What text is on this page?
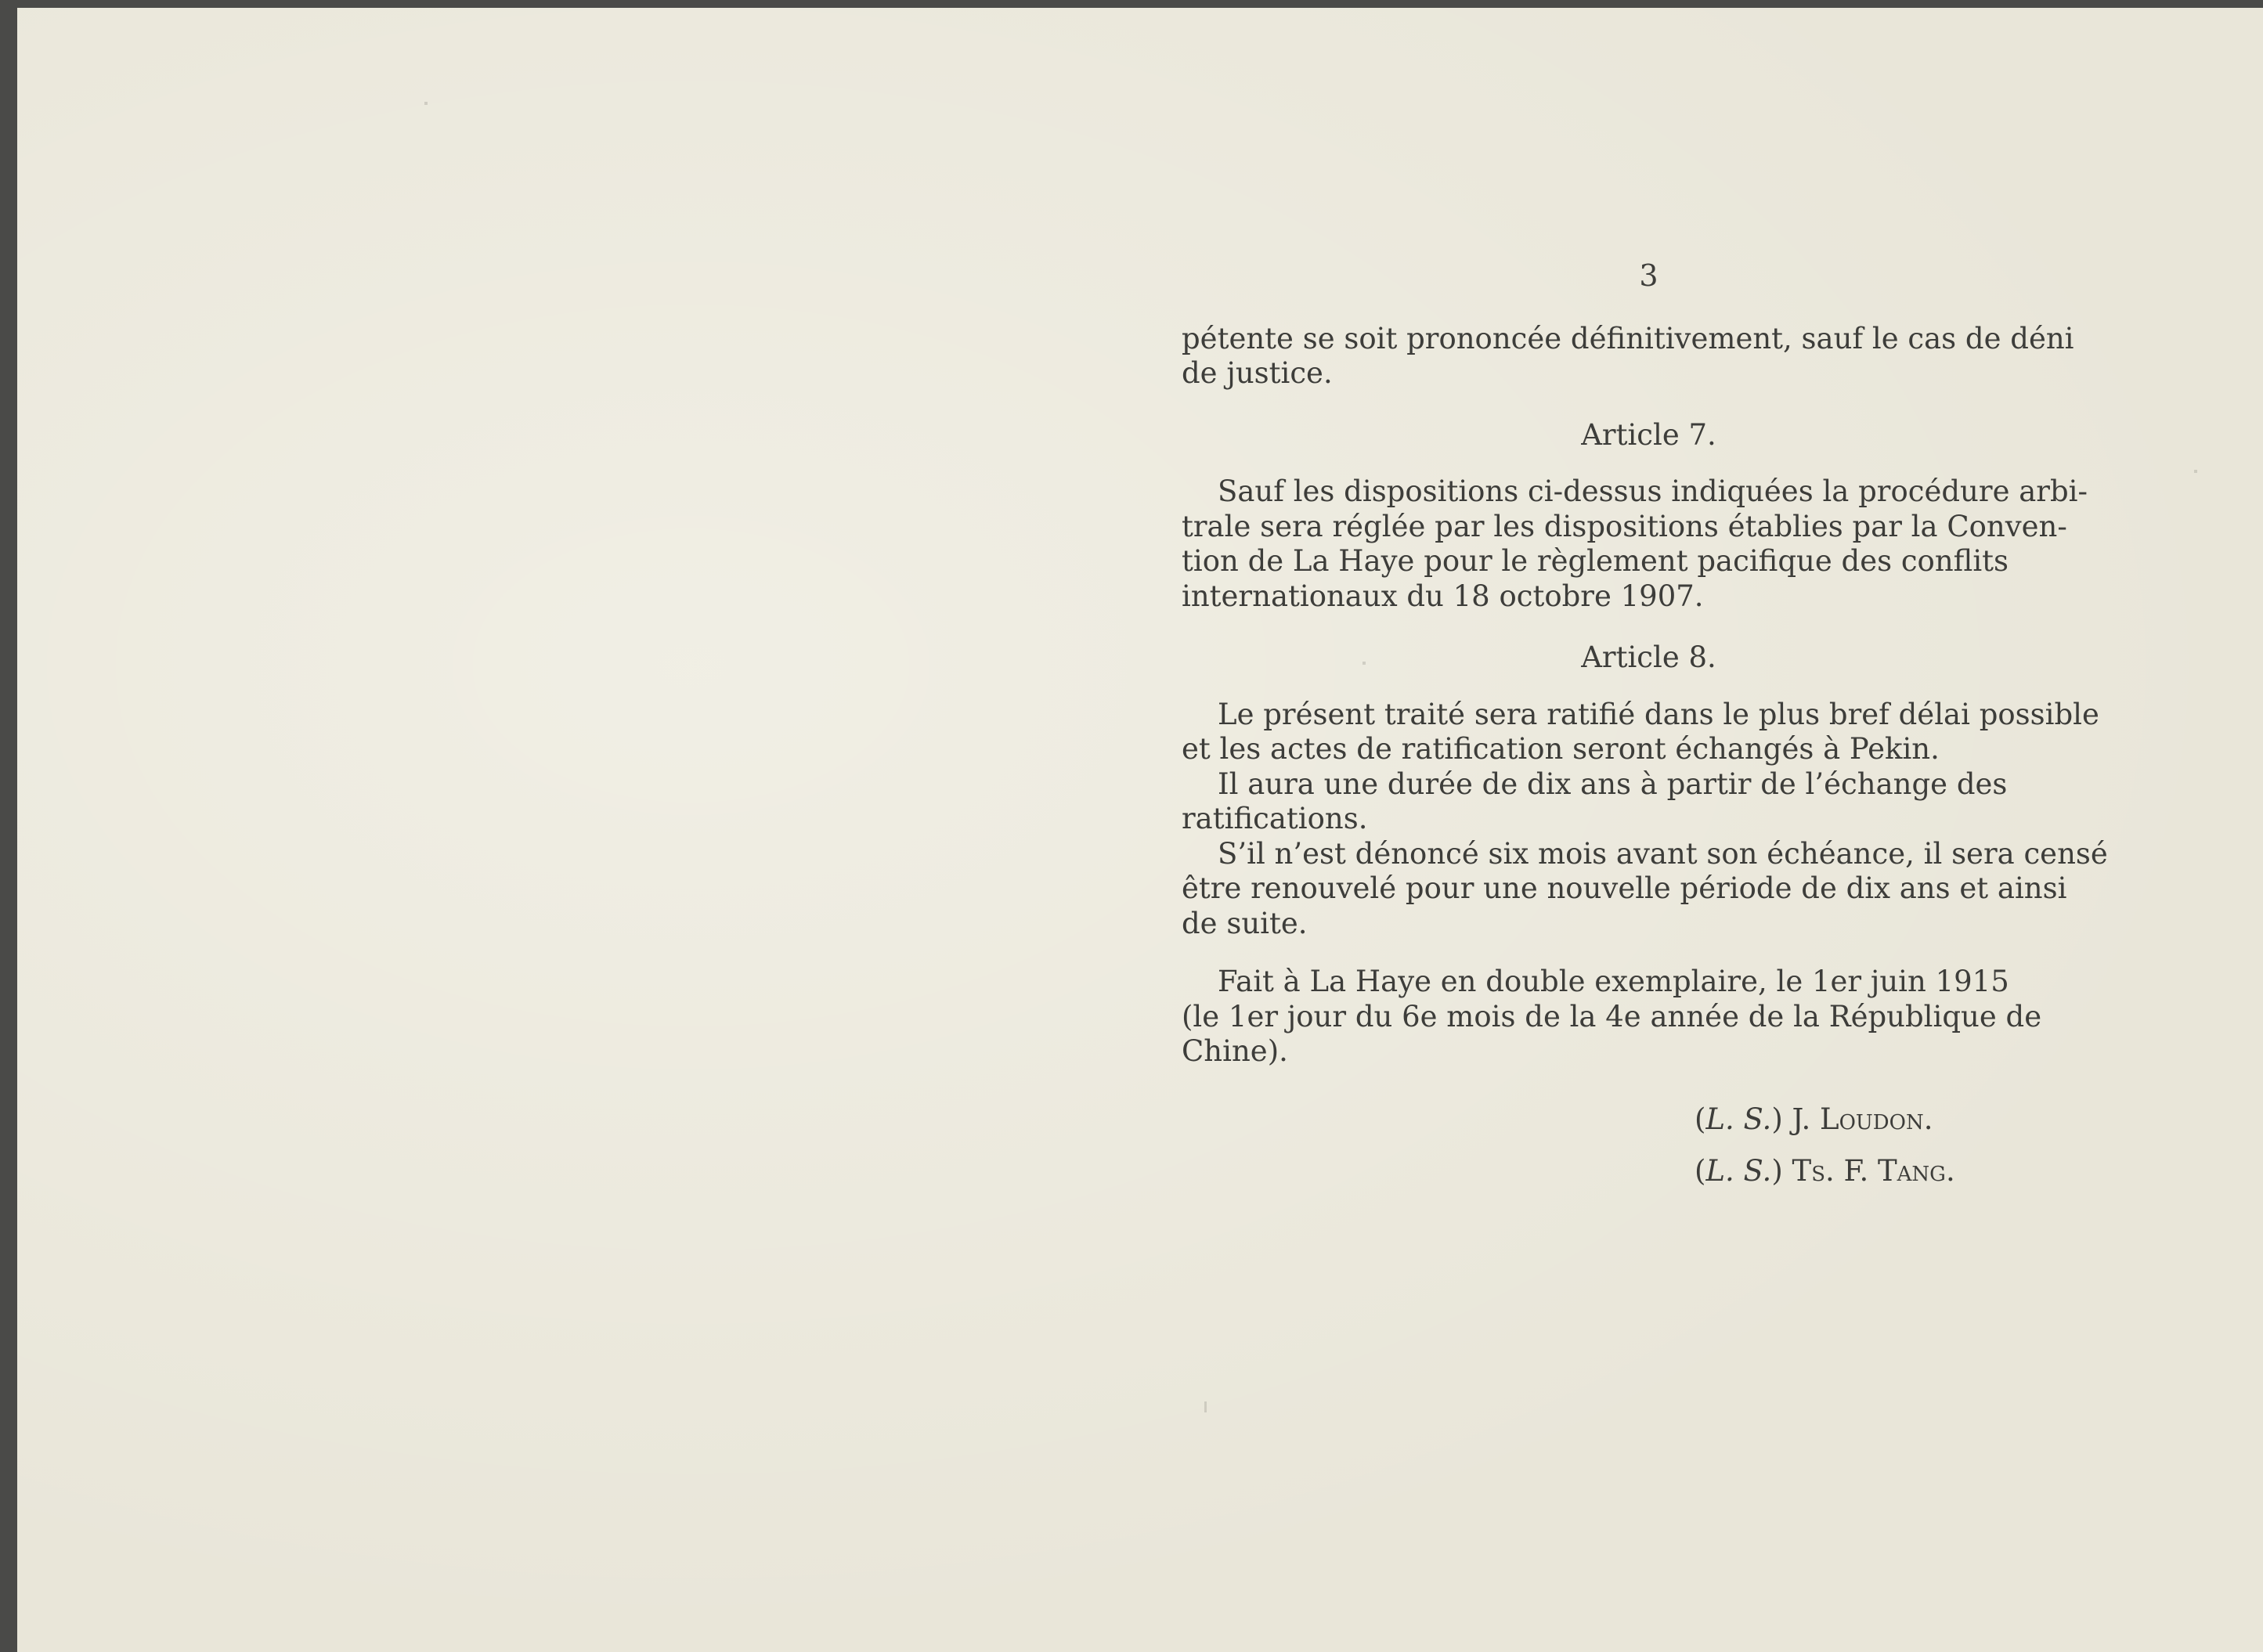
3
pétente se soit prononcée définitivement, sauf le cas de déni
de justice.
Article 7.
Sauf les dispositions ci-dessus indiquées la procédure arbi-
trale sera réglée par les dispositions établies par la Conven-
tion de La Haye pour le règlement pacifique des conflits
internationaux du 18 octobre 1907.
Article 8.
Le présent traité sera ratifié dans le plus bref délai possible
et les actes de ratification seront échangés à Pekin.
Il aura une durée de dix ans à partir de l’échange des
ratifications.
S’il n’est dénoncé six mois avant son échéance, il sera censé
être renouvelé pour une nouvelle période de dix ans et ainsi
de suite.
Fait à La Haye en double exemplaire, le 1er juin 1915
(le 1er jour du 6e mois de la 4e année de la République de
Chine).
(L. S.) J. Loudon.
(L. S.) Ts. F. Tang.
